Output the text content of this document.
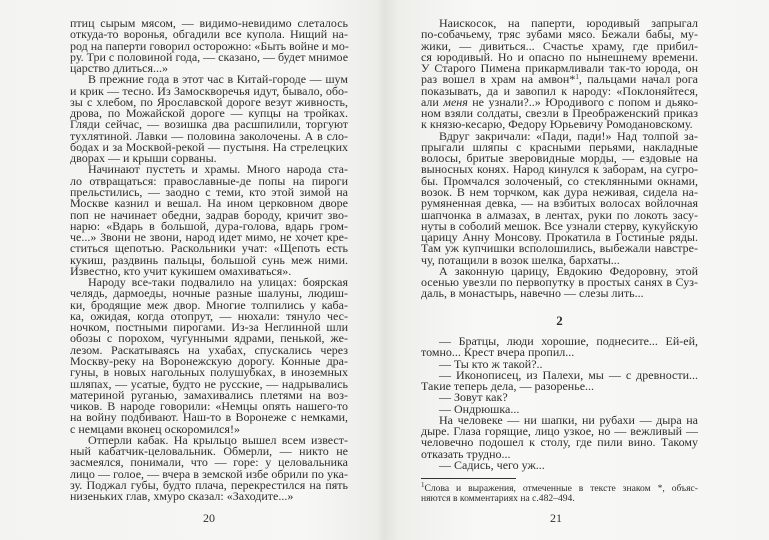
птиц сырым мясом, — видимо-невидимо слеталось
откуда-то воронья, обгадили все купола. Нищий на-
род на паперти говорил осторожно: «Быть войне и мо-
ру. Три с половиной года, — сказано, — будет мнимое
царство длиться...»
В прежние года в этот час в Китай-городе — шум
и крик — тесно. Из Замоскворечья идут, бывало, обо-
зы с хлебом, по Ярославской дороге везут живность,
дрова, по Можайской дороге — купцы на тройках.
Гляди сейчас, — возишка два расшпилили, торгуют
тухлятиной. Лавки — половина заколочены. А в сло-
бодах и за Москвой-рекой — пустыня. На стрелецких
дворах — и крыши сорваны.
Начинают пустеть и храмы. Много народа ста-
ло отвращаться: православные-де попы на пироги
прельстились, — заодно с теми, кто этой зимой на
Москве казнил и вешал. На ином церковном дворе
поп не начинает обедни, задрав бороду, кричит зво-
нарю: «Вдарь в большой, дура-голова, вдарь гром-
че...» Звони не звони, народ идет мимо, не хочет кре-
ститься щепотью. Раскольники учат: «Щепоть есть
кукиш, раздвинь пальцы, большой сунь меж ними.
Известно, кто учит кукишем омахиваться».
Народу все-таки подвалило на улицах: боярская
челядь, дармоеды, ночные разные шалуны, людиш-
ки, бродящие меж двор. Многие толпились у каба-
ка, ожидая, когда отопрут, — нюхали: тянуло чес-
ночком, постными пирогами. Из-за Неглинной шли
обозы с порохом, чугунными ядрами, пенькой, же-
лезом. Раскатываясь на ухабах, спускались через
Москву-реку на Воронежскую дорогу. Конные дра-
гуны, в новых нагольных полушубках, в иноземных
шляпах, — усатые, будто не русские, — надрывались
материной руганью, замахивались плетями на воз-
чиков. В народе говорили: «Немцы опять нашего-то
на войну подбивают. Наш-то в Воронеже с немками,
с немцами вконец оскоромился!»
Отперли кабак. На крыльцо вышел всем извест-
ный кабатчик-целовальник. Обмерли, — никто не
засмеялся, понимали, что — горе: у целовальника
лицо — голое, — вчера в земской избе обрили по ука-
зу. Поджал губы, будто плача, перекрестился на пять
низеньких глав, хмуро сказал: «Заходите...»
20
Наискосок, на паперти, юродивый запрыгал
по-собачьему, тряс зубами мясо. Бежали бабы, му-
жики, — дивиться... Счастье храму, где прибил-
ся юродивый. Но и опасно по нынешнему времени.
У Старого Пимена прикармливали так-то юрода, он
раз вошел в храм на амвон*$^1$, пальцами начал рога
показывать, да и завопил к народу: «Поклоняйтеся,
али меня не узнали?..» Юродивого с попом и дьяко-
ном взяли солдаты, свезли в Преображенский приказ
к князю-кесарю, Федору Юрьевичу Ромодановскому.
Вдруг закричали: «Пади, пади!» Над толпой за-
прыгали шляпы с красными перьями, накладные
волосы, бритые зверовидные морды, — ездовые на
выносных конях. Народ кинулся к заборам, на сугро-
бы. Промчался золоченый, со стеклянными окнами,
возок. В нем торчком, как дура неживая, сидела на-
румяненная девка, — на взбитых волосах войлочная
шапчонка в алмазах, в лентах, руки по локоть засу-
нуты в соболий мешок. Все узнали стерву, кукуйскую
царицу Анну Монсову. Прокатила в Гостиные ряды.
Там уж купчишки всполошились, выбежали навстре-
чу, потащили в возок шелка, бархаты...
А законную царицу, Евдокию Федоровну, этой
осенью увезли по первопутку в простых санях в Суз-
даль, в монастырь, навечно — слезы лить...
2
— Братцы, люди хорошие, поднесите... Ей-ей,
томно... Крест вчера пропил...
— Ты кто ж такой?..
— Иконописец, из Палехи, мы — с древности...
Такие теперь дела, — разоренье...
— Зовут как?
— Ондрюшка...
На человеке — ни шапки, ни рубахи — дыра на
дыре. Глаза горящие, лицо узкое, но — вежливый —
человечно подошел к столу, где пили вино. Такому
отказать трудно...
— Садись, чего уж...
$^1$Слова и выражения, отмеченные в тексте знаком *, объяс-
няются в комментариях на с.482–494.
21
